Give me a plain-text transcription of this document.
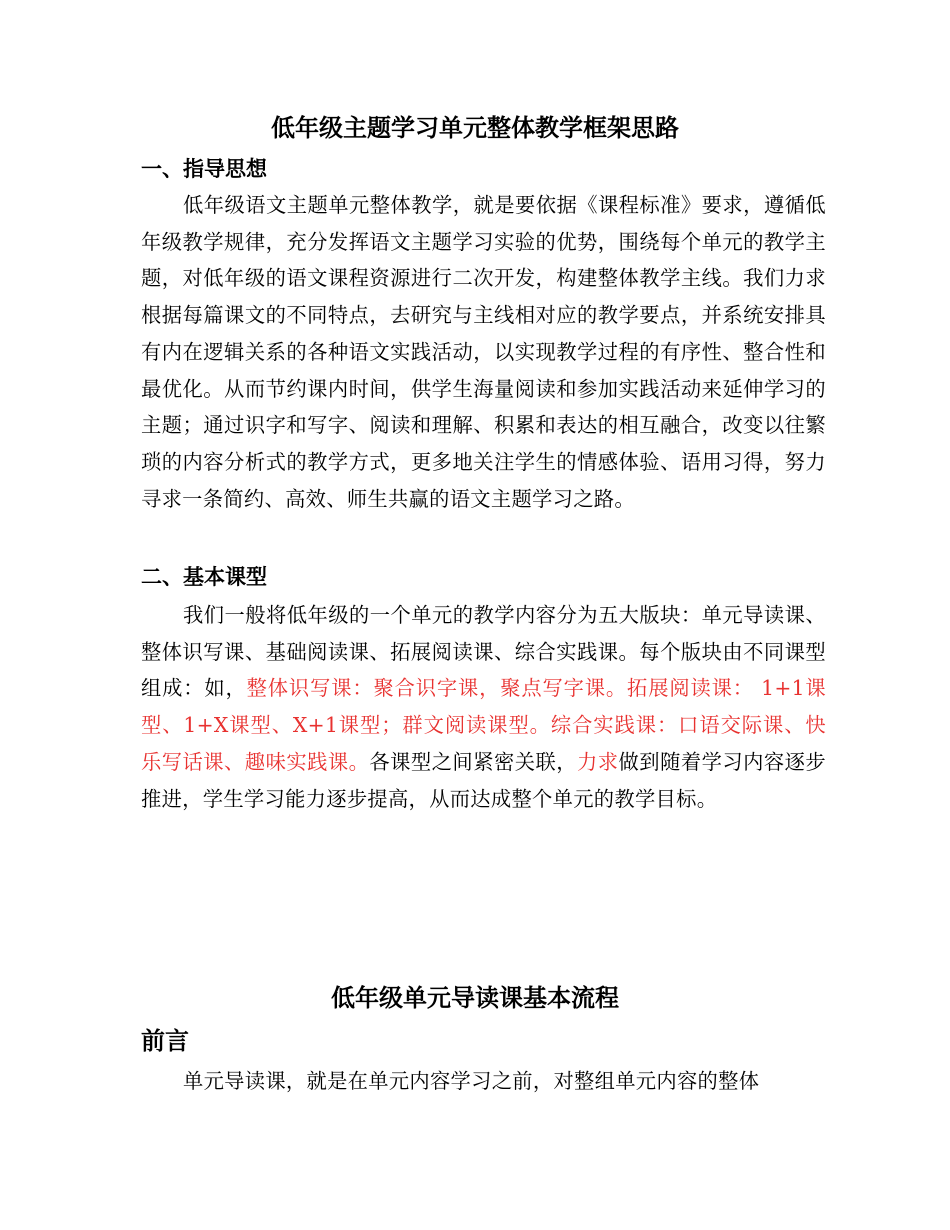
低年级主题学习单元整体教学框架思路
一、指导思想

低年级语文主题单元整体教学，就是要依据《课程标准》要求，遵循低年级教学规律，充分发挥语文主题学习实验的优势，围绕每个单元的教学主题，对低年级的语文课程资源进行二次开发，构建整体教学主线。我们力求根据每篇课文的不同特点，去研究与主线相对应的教学要点，并系统安排具有内在逻辑关系的各种语文实践活动，以实现教学过程的有序性、整合性和最优化。从而节约课内时间，供学生海量阅读和参加实践活动来延伸学习的主题；通过识字和写字、阅读和理解、积累和表达的相互融合，改变以往繁琐的内容分析式的教学方式，更多地关注学生的情感体验、语用习得，努力寻求一条简约、高效、师生共赢的语文主题学习之路。

二、基本课型

我们一般将低年级的一个单元的教学内容分为五大版块：单元导读课、整体识写课、基础阅读课、拓展阅读课、综合实践课。每个版块由不同课型组成：如，整体识写课：聚合识字课，聚点写字课。拓展阅读课： 1+1课型、1+X课型、X+1课型；群文阅读课型。综合实践课：口语交际课、快乐写话课、趣味实践课。各课型之间紧密关联，力求做到随着学习内容逐步推进，学生学习能力逐步提高，从而达成整个单元的教学目标。

低年级单元导读课基本流程
前言

单元导读课，就是在单元内容学习之前，对整组单元内容的整体
